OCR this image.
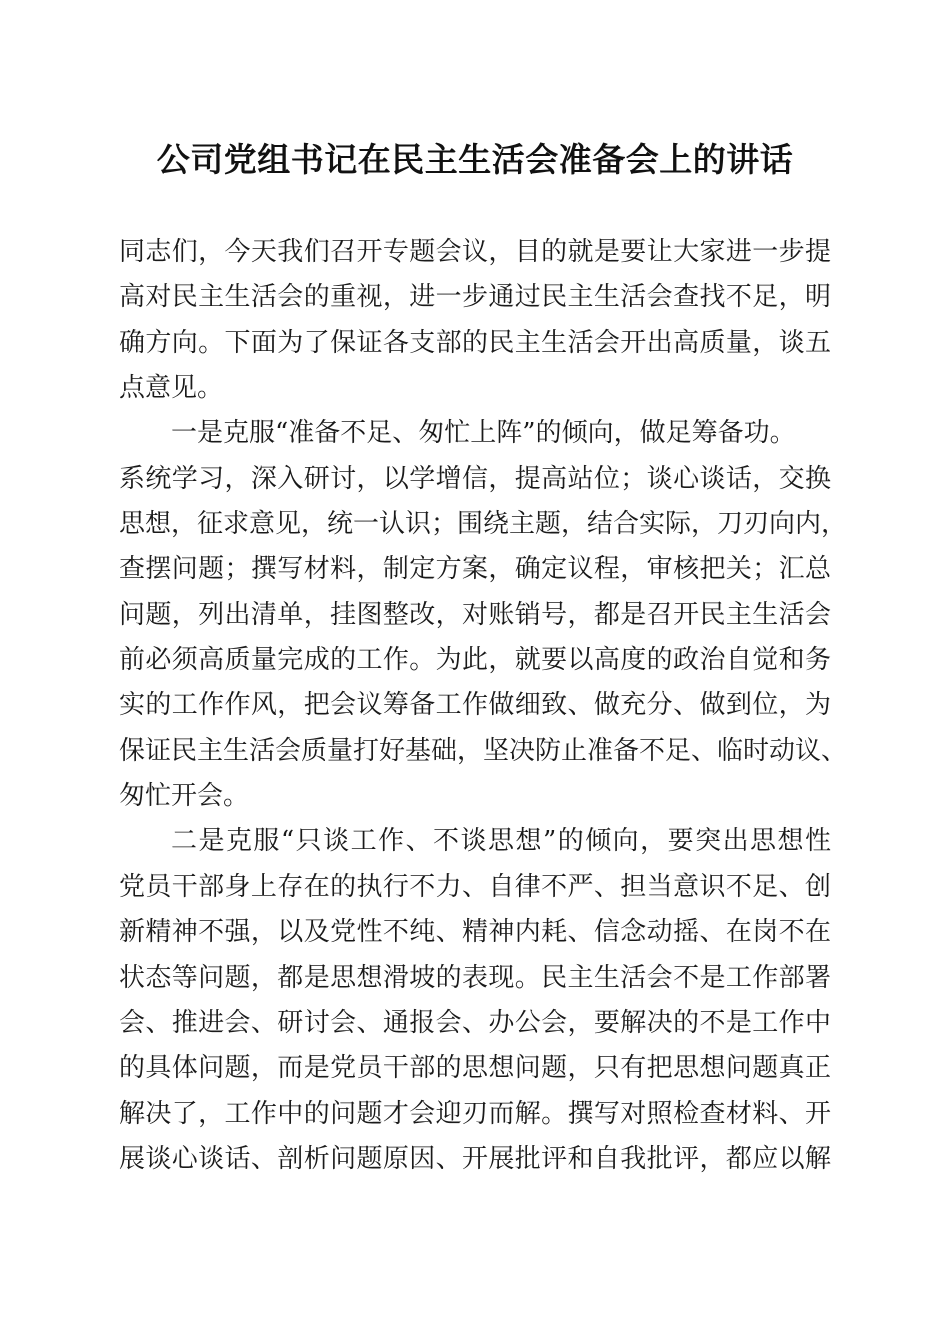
公司党组书记在民主生活会准备会上的讲话
同志们，今天我们召开专题会议，目的就是要让大家进一步提
高对民主生活会的重视，进一步通过民主生活会查找不足，明
确方向。下面为了保证各支部的民主生活会开出高质量，谈五
点意见。
一是克服“准备不足、匆忙上阵”的倾向，做足筹备功。
系统学习，深入研讨，以学增信，提高站位；谈心谈话，交换
思想，征求意见，统一认识；围绕主题，结合实际，刀刃向内，
查摆问题；撰写材料，制定方案，确定议程，审核把关；汇总
问题，列出清单，挂图整改，对账销号，都是召开民主生活会
前必须高质量完成的工作。为此，就要以高度的政治自觉和务
实的工作作风，把会议筹备工作做细致、做充分、做到位，为
保证民主生活会质量打好基础，坚决防止准备不足、临时动议、
匆忙开会。
二是克服“只谈工作、不谈思想”的倾向，要突出思想性
党员干部身上存在的执行不力、自律不严、担当意识不足、创
新精神不强，以及党性不纯、精神内耗、信念动摇、在岗不在
状态等问题，都是思想滑坡的表现。民主生活会不是工作部署
会、推进会、研讨会、通报会、办公会，要解决的不是工作中
的具体问题，而是党员干部的思想问题，只有把思想问题真正
解决了，工作中的问题才会迎刃而解。撰写对照检查材料、开
展谈心谈话、剖析问题原因、开展批评和自我批评，都应以解
